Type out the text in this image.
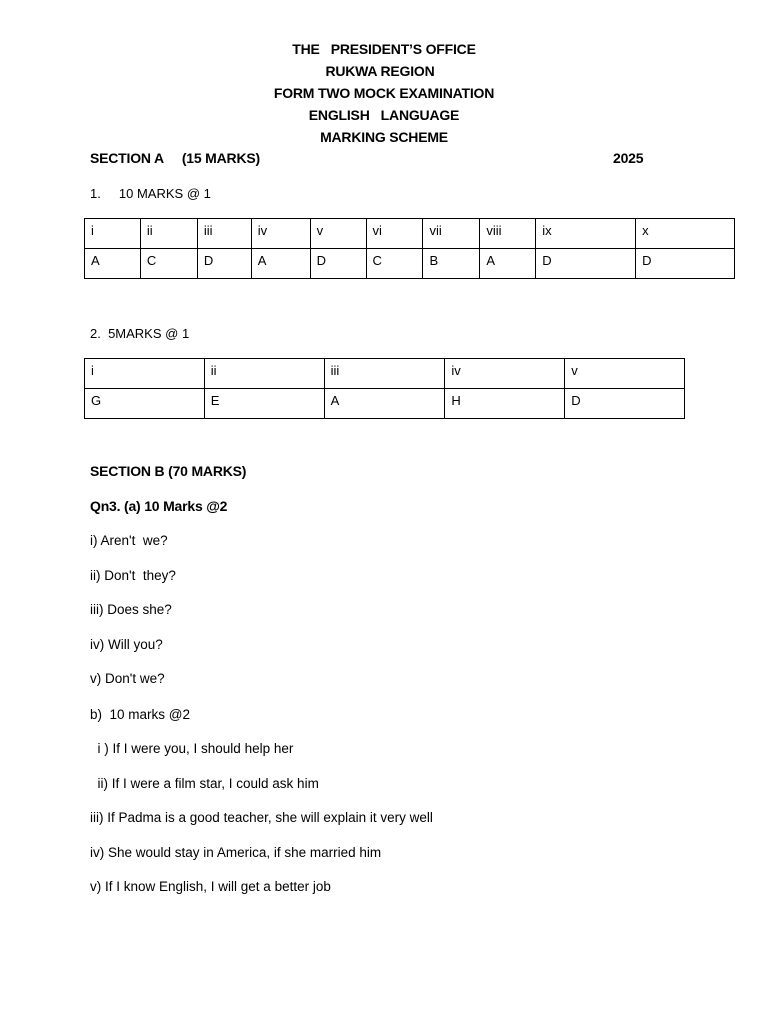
THE   PRESIDENT’S OFFICE
RUKWA REGION
FORM TWO MOCK EXAMINATION
ENGLISH   LANGUAGE
MARKING SCHEME
SECTION A     (15 MARKS)	2025
1.     10 MARKS @ 1
i	ii	iii	iv	v	vi	vii	viii	ix	x
A	C	D	A	D	C	B	A	D	D
2.  5MARKS @ 1
i	ii	iii	iv	v
G	E	A	H	D
SECTION B (70 MARKS)
Qn3. (a) 10 Marks @2
i) Aren't  we?
ii) Don't  they?
iii) Does she?
iv) Will you?
v) Don't we?
b)  10 marks @2
i ) If I were you, I should help her
ii) If I were a film star, I could ask him
iii) If Padma is a good teacher, she will explain it very well
iv) She would stay in America, if she married him
v) If I know English, I will get a better job
